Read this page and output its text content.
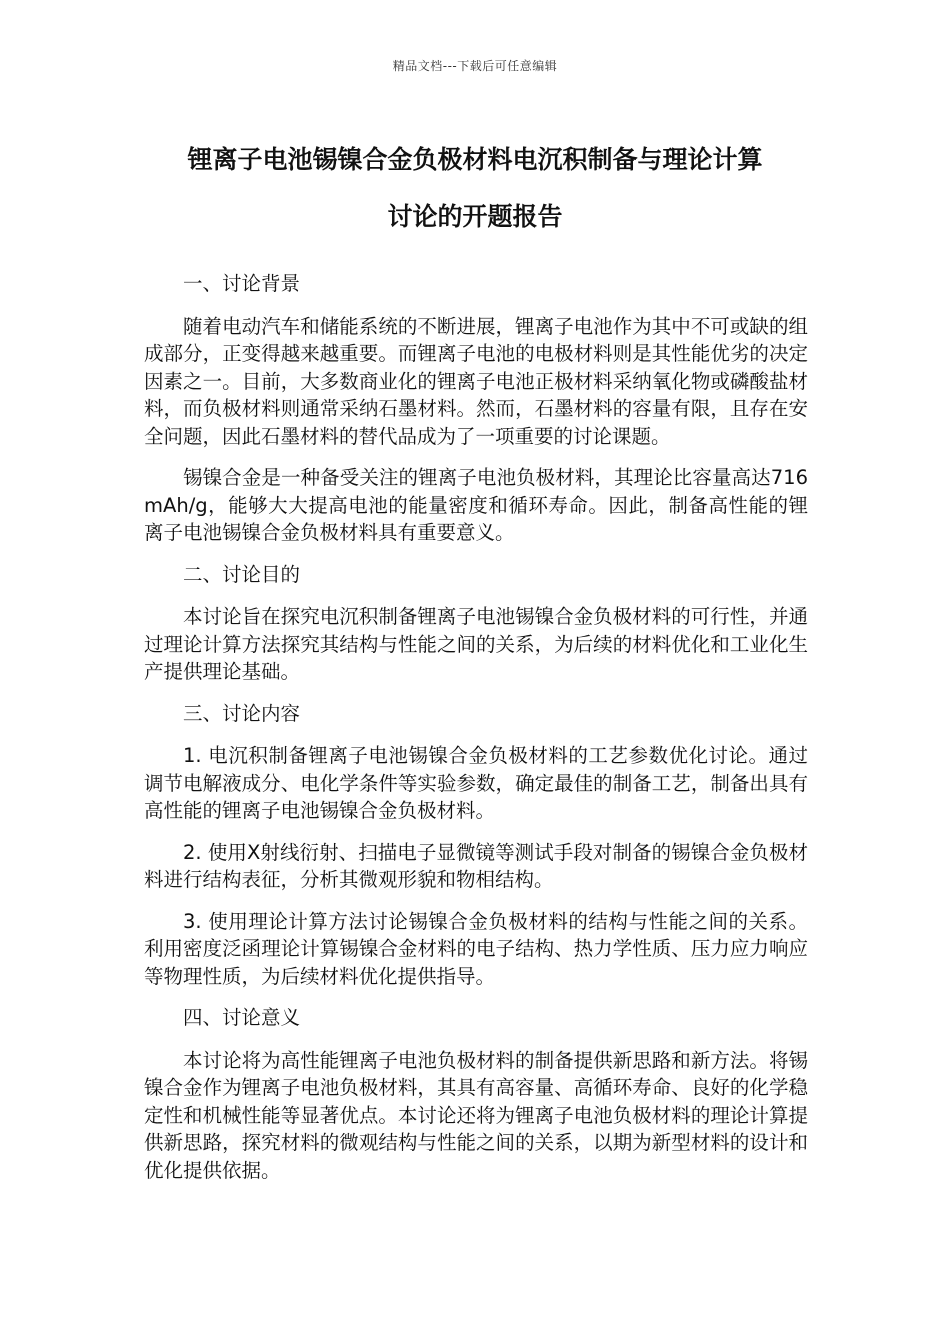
精品文档---下载后可任意编辑
锂离子电池锡镍合金负极材料电沉积制备与理论计算
讨论的开题报告

一、讨论背景

随着电动汽车和储能系统的不断进展，锂离子电池作为其中不可或缺的组成部分，正变得越来越重要。而锂离子电池的电极材料则是其性能优劣的决定因素之一。目前，大多数商业化的锂离子电池正极材料采纳氧化物或磷酸盐材料，而负极材料则通常采纳石墨材料。然而，石墨材料的容量有限，且存在安全问题，因此石墨材料的替代品成为了一项重要的讨论课题。

锡镍合金是一种备受关注的锂离子电池负极材料，其理论比容量高达716mAh/g，能够大大提高电池的能量密度和循环寿命。因此，制备高性能的锂离子电池锡镍合金负极材料具有重要意义。

二、讨论目的

本讨论旨在探究电沉积制备锂离子电池锡镍合金负极材料的可行性，并通过理论计算方法探究其结构与性能之间的关系，为后续的材料优化和工业化生产提供理论基础。

三、讨论内容

1. 电沉积制备锂离子电池锡镍合金负极材料的工艺参数优化讨论。通过调节电解液成分、电化学条件等实验参数，确定最佳的制备工艺，制备出具有高性能的锂离子电池锡镍合金负极材料。

2. 使用X射线衍射、扫描电子显微镜等测试手段对制备的锡镍合金负极材料进行结构表征，分析其微观形貌和物相结构。

3. 使用理论计算方法讨论锡镍合金负极材料的结构与性能之间的关系。利用密度泛函理论计算锡镍合金材料的电子结构、热力学性质、压力应力响应等物理性质，为后续材料优化提供指导。

四、讨论意义

本讨论将为高性能锂离子电池负极材料的制备提供新思路和新方法。将锡镍合金作为锂离子电池负极材料，其具有高容量、高循环寿命、良好的化学稳定性和机械性能等显著优点。本讨论还将为锂离子电池负极材料的理论计算提供新思路，探究材料的微观结构与性能之间的关系，以期为新型材料的设计和优化提供依据。
